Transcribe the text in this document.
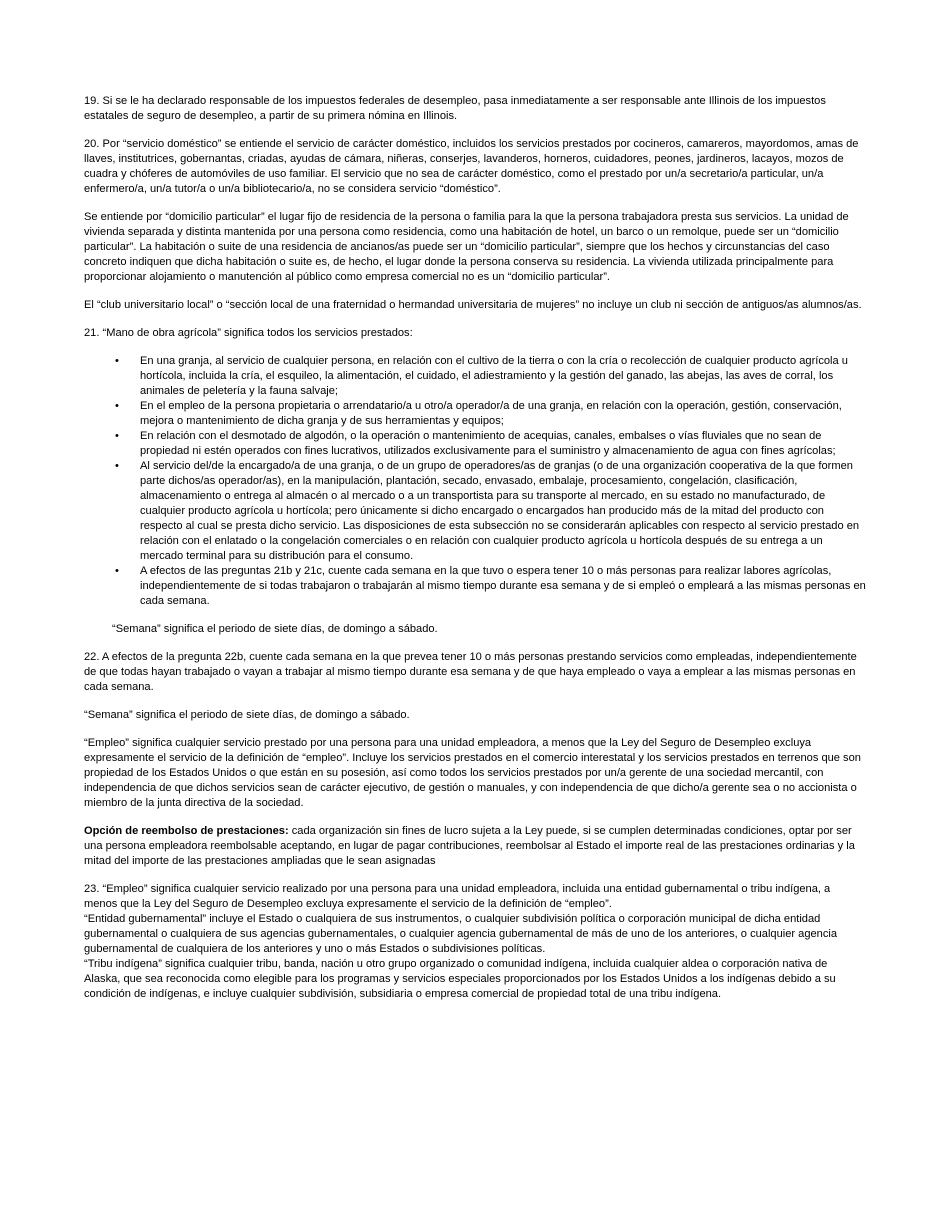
19. Si se le ha declarado responsable de los impuestos federales de desempleo, pasa inmediatamente a ser responsable ante Illinois de los impuestos estatales de seguro de desempleo, a partir de su primera nómina en Illinois.

20. Por “servicio doméstico” se entiende el servicio de carácter doméstico, incluidos los servicios prestados por cocineros, camareros, mayordomos, amas de llaves, institutrices, gobernantas, criadas, ayudas de cámara, niñeras, conserjes, lavanderos, horneros, cuidadores, peones, jardineros, lacayos, mozos de cuadra y chóferes de automóviles de uso familiar. El servicio que no sea de carácter doméstico, como el prestado por un/a secretario/a particular, un/a enfermero/a, un/a tutor/a o un/a bibliotecario/a, no se considera servicio “doméstico”.

Se entiende por “domicilio particular” el lugar fijo de residencia de la persona o familia para la que la persona trabajadora presta sus servicios. La unidad de vivienda separada y distinta mantenida por una persona como residencia, como una habitación de hotel, un barco o un remolque, puede ser un “domicilio particular”. La habitación o suite de una residencia de ancianos/as puede ser un “domicilio particular”, siempre que los hechos y circunstancias del caso concreto indiquen que dicha habitación o suite es, de hecho, el lugar donde la persona conserva su residencia. La vivienda utilizada principalmente para proporcionar alojamiento o manutención al público como empresa comercial no es un “domicilio particular”.

El “club universitario local” o “sección local de una fraternidad o hermandad universitaria de mujeres” no incluye un club ni sección de antiguos/as alumnos/as.

21. “Mano de obra agrícola” significa todos los servicios prestados:

• En una granja, al servicio de cualquier persona, en relación con el cultivo de la tierra o con la cría o recolección de cualquier producto agrícola u hortícola, incluida la cría, el esquileo, la alimentación, el cuidado, el adiestramiento y la gestión del ganado, las abejas, las aves de corral, los animales de peletería y la fauna salvaje;
• En el empleo de la persona propietaria o arrendatario/a u otro/a operador/a de una granja, en relación con la operación, gestión, conservación, mejora o mantenimiento de dicha granja y de sus herramientas y equipos;
• En relación con el desmotado de algodón, o la operación o mantenimiento de acequias, canales, embalses o vías fluviales que no sean de propiedad ni estén operados con fines lucrativos, utilizados exclusivamente para el suministro y almacenamiento de agua con fines agrícolas;
• Al servicio del/de la encargado/a de una granja, o de un grupo de operadores/as de granjas (o de una organización cooperativa de la que formen parte dichos/as operador/as), en la manipulación, plantación, secado, envasado, embalaje, procesamiento, congelación, clasificación, almacenamiento o entrega al almacén o al mercado o a un transportista para su transporte al mercado, en su estado no manufacturado, de cualquier producto agrícola u hortícola; pero únicamente si dicho encargado o encargados han producido más de la mitad del producto con respecto al cual se presta dicho servicio. Las disposiciones de esta subsección no se considerarán aplicables con respecto al servicio prestado en relación con el enlatado o la congelación comerciales o en relación con cualquier producto agrícola u hortícola después de su entrega a un mercado terminal para su distribución para el consumo.
• A efectos de las preguntas 21b y 21c, cuente cada semana en la que tuvo o espera tener 10 o más personas para realizar labores agrícolas, independientemente de si todas trabajaron o trabajarán al mismo tiempo durante esa semana y de si empleó o empleará a las mismas personas en cada semana.

“Semana” significa el periodo de siete días, de domingo a sábado.

22. A efectos de la pregunta 22b, cuente cada semana en la que prevea tener 10 o más personas prestando servicios como empleadas, independientemente de que todas hayan trabajado o vayan a trabajar al mismo tiempo durante esa semana y de que haya empleado o vaya a emplear a las mismas personas en cada semana.

“Semana” significa el periodo de siete días, de domingo a sábado.

“Empleo” significa cualquier servicio prestado por una persona para una unidad empleadora, a menos que la Ley del Seguro de Desempleo excluya expresamente el servicio de la definición de “empleo”. Incluye los servicios prestados en el comercio interestatal y los servicios prestados en terrenos que son propiedad de los Estados Unidos o que están en su posesión, así como todos los servicios prestados por un/a gerente de una sociedad mercantil, con independencia de que dichos servicios sean de carácter ejecutivo, de gestión o manuales, y con independencia de que dicho/a gerente sea o no accionista o miembro de la junta directiva de la sociedad.

Opción de reembolso de prestaciones: cada organización sin fines de lucro sujeta a la Ley puede, si se cumplen determinadas condiciones, optar por ser una persona empleadora reembolsable aceptando, en lugar de pagar contribuciones, reembolsar al Estado el importe real de las prestaciones ordinarias y la mitad del importe de las prestaciones ampliadas que le sean asignadas

23. “Empleo” significa cualquier servicio realizado por una persona para una unidad empleadora, incluida una entidad gubernamental o tribu indígena, a menos que la Ley del Seguro de Desempleo excluya expresamente el servicio de la definición de “empleo”.

“Entidad gubernamental” incluye el Estado o cualquiera de sus instrumentos, o cualquier subdivisión política o corporación municipal de dicha entidad gubernamental o cualquiera de sus agencias gubernamentales, o cualquier agencia gubernamental de más de uno de los anteriores, o cualquier agencia gubernamental de cualquiera de los anteriores y uno o más Estados o subdivisiones políticas.

“Tribu indígena” significa cualquier tribu, banda, nación u otro grupo organizado o comunidad indígena, incluida cualquier aldea o corporación nativa de Alaska, que sea reconocida como elegible para los programas y servicios especiales proporcionados por los Estados Unidos a los indígenas debido a su condición de indígenas, e incluye cualquier subdivisión, subsidiaria o empresa comercial de propiedad total de una tribu indígena.
